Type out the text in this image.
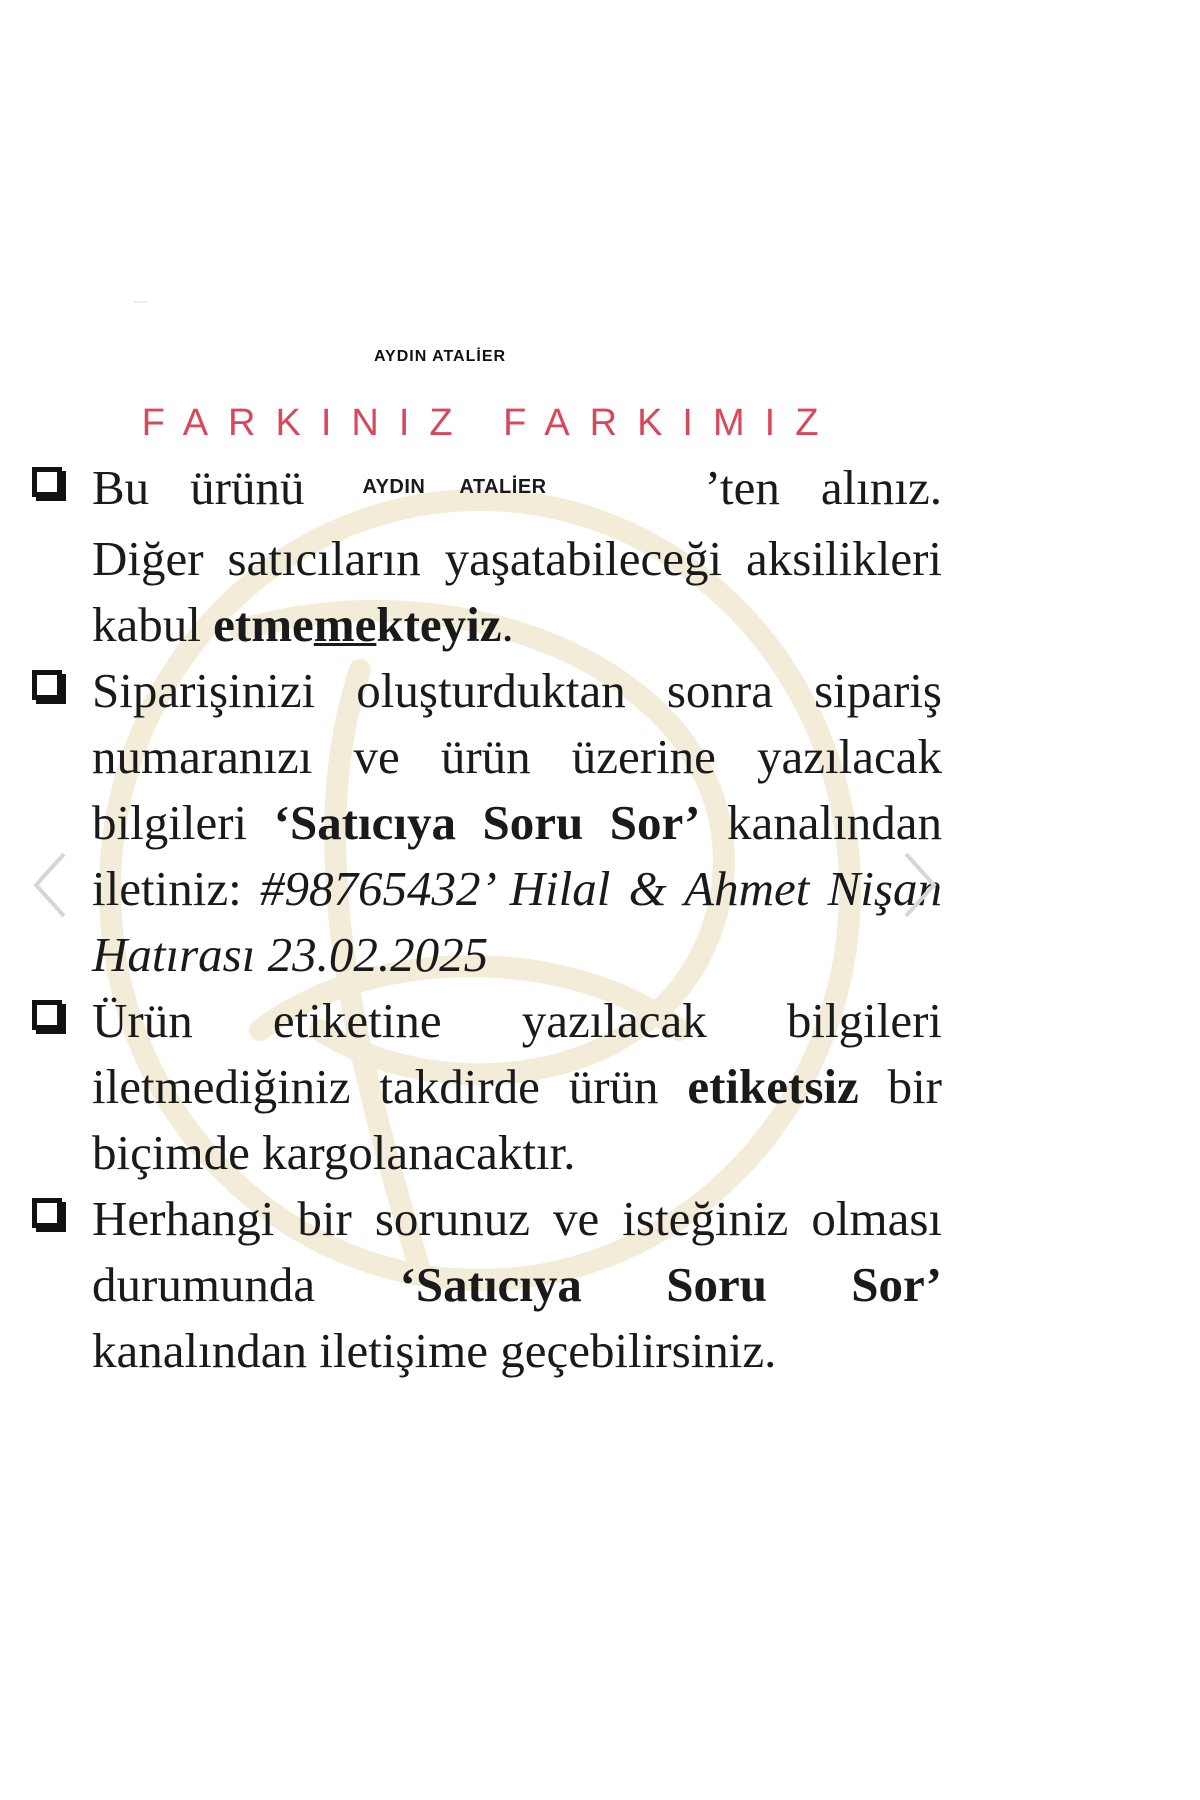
AYDIN ATALİER
FARKINIZ FARKIMIZ
Bu ürünü	AYDIN ATALİER	’ten alınız. Diğer satıcıların yaşatabileceği aksilikleri kabul etmemekteyiz.
Siparişinizi oluşturduktan sonra sipariş numaranızı ve ürün üzerine yazılacak bilgileri ‘Satıcıya Soru Sor’ kanalından iletiniz: #98765432’ Hilal & Ahmet Nişan Hatırası 23.02.2025
Ürün etiketine yazılacak bilgileri iletmediğiniz takdirde ürün etiketsiz bir biçimde kargolanacaktır.
Herhangi bir sorunuz ve isteğiniz olması durumunda ‘Satıcıya Soru Sor’ kanalından iletişime geçebilirsiniz.
